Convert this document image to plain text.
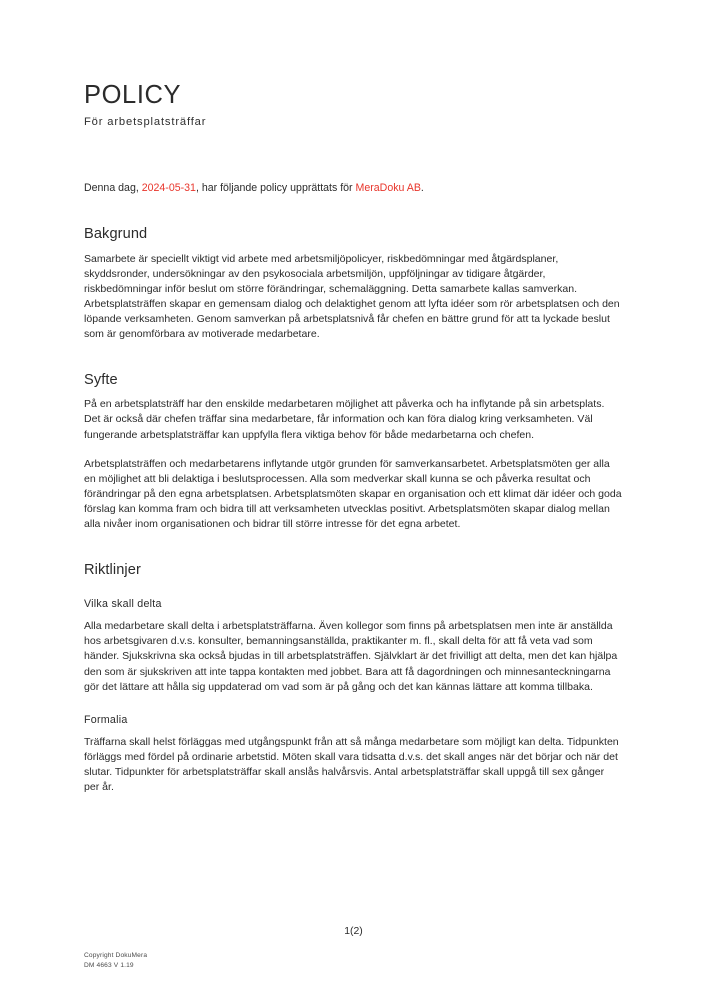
POLICY
För arbetsplatsträffar
Denna dag, 2024-05-31, har följande policy upprättats för MeraDoku AB.
Bakgrund

Samarbete är speciellt viktigt vid arbete med arbetsmiljöpolicyer, riskbedömningar med åtgärdsplaner, skyddsronder, undersökningar av den psykosociala arbetsmiljön, uppföljningar av tidigare åtgärder, riskbedömningar inför beslut om större förändringar, schemaläggning. Detta samarbete kallas samverkan. Arbetsplatsträffen skapar en gemensam dialog och delaktighet genom att lyfta idéer som rör arbetsplatsen och den löpande verksamheten. Genom samverkan på arbetsplatsnivå får chefen en bättre grund för att ta lyckade beslut som är genomförbara av motiverade medarbetare.

Syfte

På en arbetsplatsträff har den enskilde medarbetaren möjlighet att påverka och ha inflytande på sin arbetsplats. Det är också där chefen träffar sina medarbetare, får information och kan föra dialog kring verksamheten. Väl fungerande arbetsplatsträffar kan uppfylla flera viktiga behov för både medarbetarna och chefen.

Arbetsplatsträffen och medarbetarens inflytande utgör grunden för samverkansarbetet. Arbetsplatsmöten ger alla en möjlighet att bli delaktiga i beslutsprocessen. Alla som medverkar skall kunna se och påverka resultat och förändringar på den egna arbetsplatsen. Arbetsplatsmöten skapar en organisation och ett klimat där idéer och goda förslag kan komma fram och bidra till att verksamheten utvecklas positivt. Arbetsplatsmöten skapar dialog mellan alla nivåer inom organisationen och bidrar till större intresse för det egna arbetet.

Riktlinjer
Vilka skall delta

Alla medarbetare skall delta i arbetsplatsträffarna. Även kollegor som finns på arbetsplatsen men inte är anställda hos arbetsgivaren d.v.s. konsulter, bemanningsanställda, praktikanter m. fl., skall delta för att få veta vad som händer. Sjukskrivna ska också bjudas in till arbetsplatsträffen. Självklart är det frivilligt att delta, men det kan hjälpa den som är sjukskriven att inte tappa kontakten med jobbet. Bara att få dagordningen och minnesanteckningarna gör det lättare att hålla sig uppdaterad om vad som är på gång och det kan kännas lättare att komma tillbaka.

Formalia

Träffarna skall helst förläggas med utgångspunkt från att så många medarbetare som möjligt kan delta. Tidpunkten förläggs med fördel på ordinarie arbetstid. Möten skall vara tidsatta d.v.s. det skall anges när det börjar och när det slutar. Tidpunkter för arbetsplatsträffar skall anslås halvårsvis. Antal arbetsplatsträffar skall uppgå till sex gånger per år.

1(2)
Copyright DokuMera
DM 4663 V 1.19
